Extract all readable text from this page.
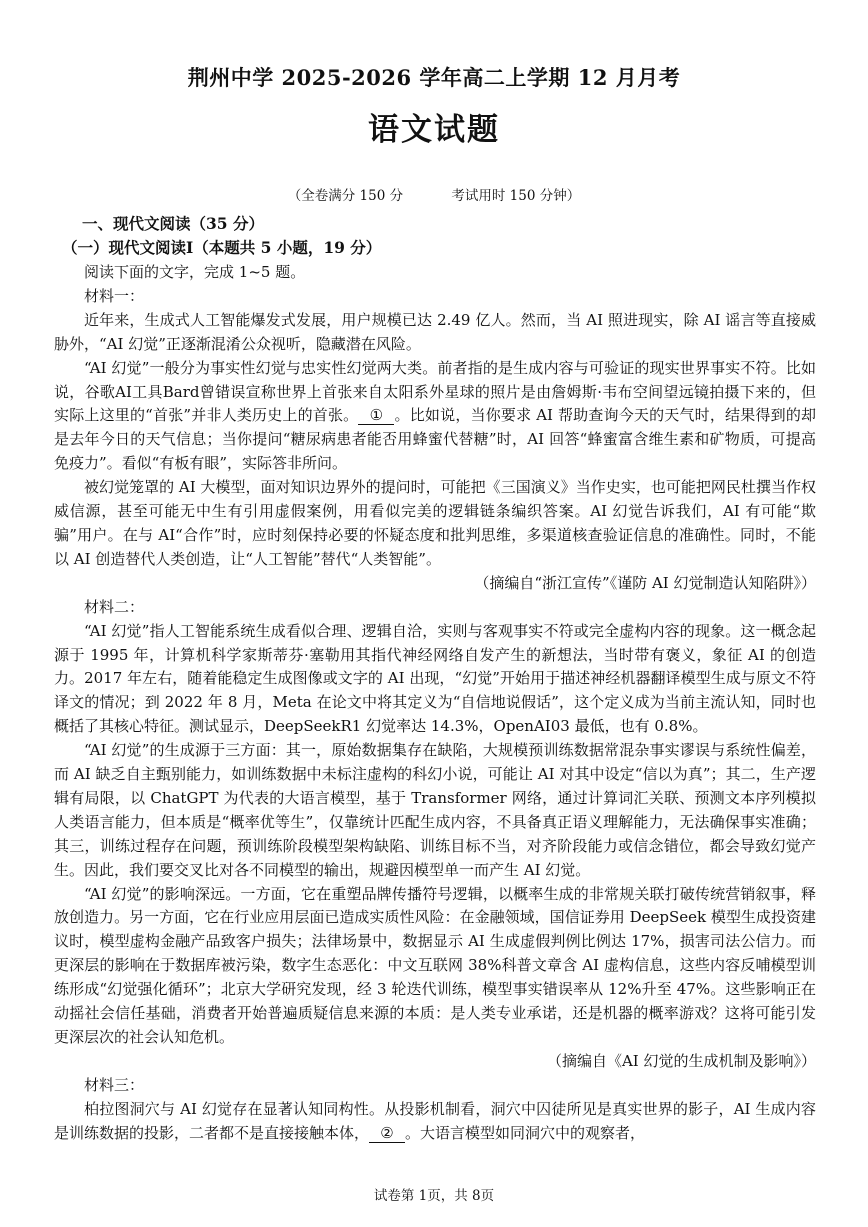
荆州中学 2025-2026 学年高二上学期 12 月月考
语文试题
（全卷满分 150 分	考试用时 150 分钟）
一、现代文阅读（35 分）
（一）现代文阅读Ⅰ（本题共 5 小题，19 分）

阅读下面的文字，完成 1~5 题。

材料一：

近年来，生成式人工智能爆发式发展，用户规模已达 2.49 亿人。然而，当 AI 照进现实，除 AI 谣言等直接威胁外，“AI 幻觉”正逐渐混淆公众视听，隐藏潜在风险。

“AI 幻觉”一般分为事实性幻觉与忠实性幻觉两大类。前者指的是生成内容与可验证的现实世界事实不符。比如说，谷歌AI工具Bard曾错误宣称世界上首张来自太阳系外星球的照片是由詹姆斯·韦布空间望远镜拍摄下来的，但实际上这里的“首张”并非人类历史上的首张。 ① 。比如说，当你要求 AI 帮助查询今天的天气时，结果得到的却是去年今日的天气信息；当你提问“糖尿病患者能否用蜂蜜代替糖”时，AI 回答“蜂蜜富含维生素和矿物质，可提高免疫力”。看似“有板有眼”，实际答非所问。

被幻觉笼罩的 AI 大模型，面对知识边界外的提问时，可能把《三国演义》当作史实，也可能把网民杜撰当作权威信源，甚至可能无中生有引用虚假案例，用看似完美的逻辑链条编织答案。AI 幻觉告诉我们，AI 有可能“欺骗”用户。在与 AI“合作”时，应时刻保持必要的怀疑态度和批判思维，多渠道核查验证信息的准确性。同时，不能以 AI 创造替代人类创造，让“人工智能”替代“人类智能”。

（摘编自“浙江宣传”《谨防 AI 幻觉制造认知陷阱》）

材料二：

“AI 幻觉”指人工智能系统生成看似合理、逻辑自洽，实则与客观事实不符或完全虚构内容的现象。这一概念起源于 1995 年，计算机科学家斯蒂芬·塞勒用其指代神经网络自发产生的新想法，当时带有褒义，象征 AI 的创造力。2017 年左右，随着能稳定生成图像或文字的 AI 出现，“幻觉”开始用于描述神经机器翻译模型生成与原文不符译文的情况；到 2022 年 8 月，Meta 在论文中将其定义为“自信地说假话”，这个定义成为当前主流认知，同时也概括了其核心特征。测试显示，DeepSeekR1 幻觉率达 14.3%，OpenAI03 最低，也有 0.8%。

“AI 幻觉”的生成源于三方面：其一，原始数据集存在缺陷，大规模预训练数据常混杂事实谬误与系统性偏差，而 AI 缺乏自主甄别能力，如训练数据中未标注虚构的科幻小说，可能让 AI 对其中设定“信以为真”；其二，生产逻辑有局限，以 ChatGPT 为代表的大语言模型，基于 Transformer 网络，通过计算词汇关联、预测文本序列模拟人类语言能力，但本质是“概率优等生”，仅靠统计匹配生成内容，不具备真正语义理解能力，无法确保事实准确；其三，训练过程存在问题，预训练阶段模型架构缺陷、训练目标不当，对齐阶段能力或信念错位，都会导致幻觉产生。因此，我们要交叉比对各不同模型的输出，规避因模型单一而产生 AI 幻觉。

“AI 幻觉”的影响深远。一方面，它在重塑品牌传播符号逻辑，以概率生成的非常规关联打破传统营销叙事，释放创造力。另一方面，它在行业应用层面已造成实质性风险：在金融领域，国信证券用 DeepSeek 模型生成投资建议时，模型虚构金融产品致客户损失；法律场景中，数据显示 AI 生成虚假判例比例达 17%，损害司法公信力。而更深层的影响在于数据库被污染，数字生态恶化：中文互联网 38%科普文章含 AI 虚构信息，这些内容反哺模型训练形成“幻觉强化循环”；北京大学研究发现，经 3 轮迭代训练，模型事实错误率从 12%升至 47%。这些影响正在动摇社会信任基础，消费者开始普遍质疑信息来源的本质：是人类专业承诺，还是机器的概率游戏？这将可能引发更深层次的社会认知危机。

（摘编自《AI 幻觉的生成机制及影响》）

材料三：

柏拉图洞穴与 AI 幻觉存在显著认知同构性。从投影机制看，洞穴中囚徒所见是真实世界的影子，AI 生成内容是训练数据的投影，二者都不是直接接触本体， ② 。大语言模型如同洞穴中的观察者，

试卷第 1页，共 8页
